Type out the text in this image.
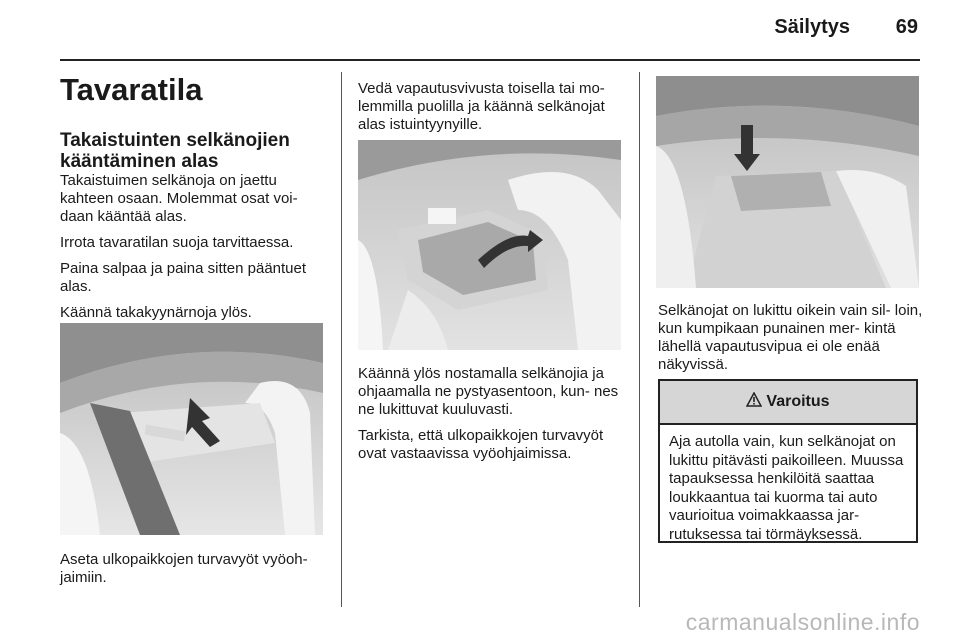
Säilytys 69
Tavaratila
Takaistuinten selkänojien kääntäminen alas

Takaistuimen selkänoja on jaettu kahteen osaan. Molemmat osat voi- daan kääntää alas.

Irrota tavaratilan suoja tarvittaessa.

Paina salpaa ja paina sitten pääntuet alas.

Käännä takakyynärnoja ylös.

Aseta ulkopaikkojen turvavyöt vyöoh- jaimiin.

Vedä vapautusvivusta toisella tai mo- lemmilla puolilla ja käännä selkänojat alas istuintyynyille.

Käännä ylös nostamalla selkänojia ja ohjaamalla ne pystyasentoon, kun- nes ne lukittuvat kuuluvasti.

Tarkista, että ulkopaikkojen turvavyöt ovat vastaavissa vyöohjaimissa.

Selkänojat on lukittu oikein vain sil- loin, kun kumpikaan punainen mer- kintä lähellä vapautusvipua ei ole enää näkyvissä.

Varoitus
Aja autolla vain, kun selkänojat on lukittu pitävästi paikoilleen. Muussa tapauksessa henkilöitä saattaa loukkaantua tai kuorma tai auto vaurioitua voimakkaassa jar- rutuksessa tai törmäyksessä.
carmanualsonline.info
